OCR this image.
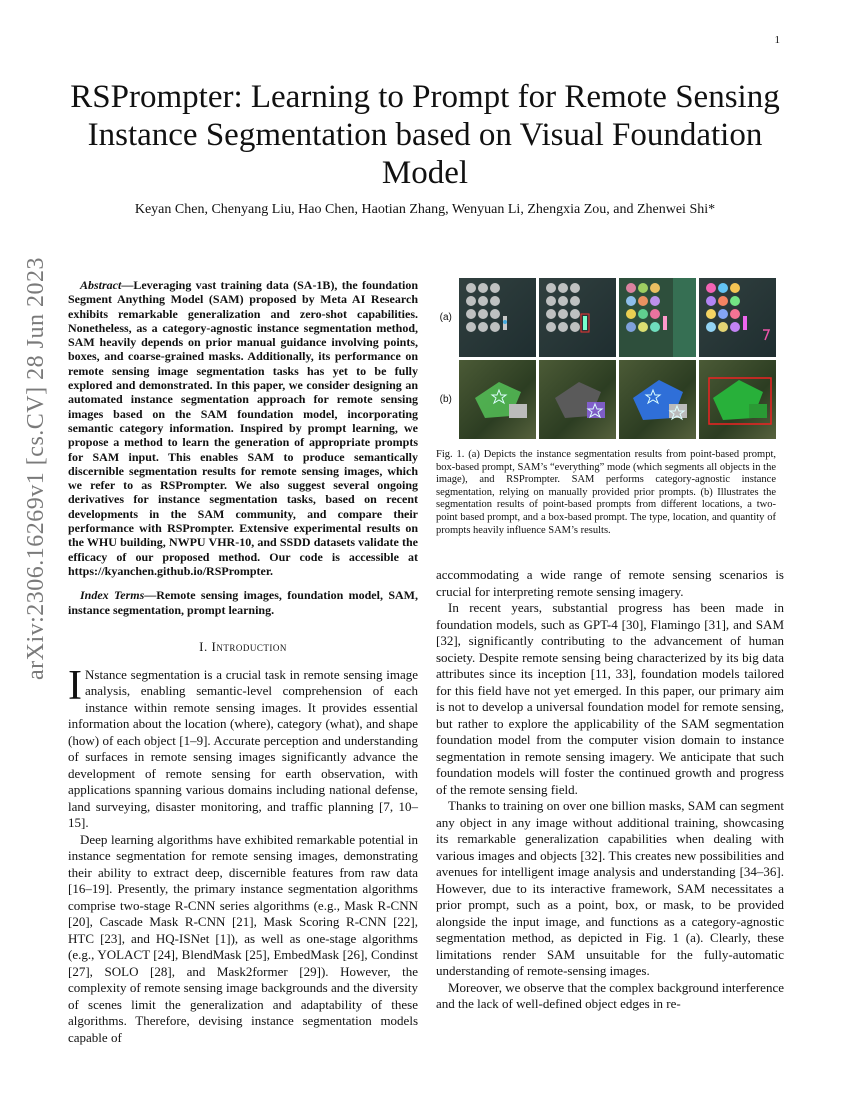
1
arXiv:2306.16269v1 [cs.CV] 28 Jun 2023
RSPrompter: Learning to Prompt for Remote Sensing Instance Segmentation based on Visual Foundation Model
Keyan Chen, Chenyang Liu, Hao Chen, Haotian Zhang, Wenyuan Li, Zhengxia Zou, and Zhenwei Shi*

Abstract—Leveraging vast training data (SA-1B), the foundation Segment Anything Model (SAM) proposed by Meta AI Research exhibits remarkable generalization and zero-shot capabilities. Nonetheless, as a category-agnostic instance segmentation method, SAM heavily depends on prior manual guidance involving points, boxes, and coarse-grained masks. Additionally, its performance on remote sensing image segmentation tasks has yet to be fully explored and demonstrated. In this paper, we consider designing an automated instance segmentation approach for remote sensing images based on the SAM foundation model, incorporating semantic category information. Inspired by prompt learning, we propose a method to learn the generation of appropriate prompts for SAM input. This enables SAM to produce semantically discernible segmentation results for remote sensing images, which we refer to as RSPrompter. We also suggest several ongoing derivatives for instance segmentation tasks, based on recent developments in the SAM community, and compare their performance with RSPrompter. Extensive experimental results on the WHU building, NWPU VHR-10, and SSDD datasets validate the efficacy of our proposed method. Our code is accessible at https://kyanchen.github.io/RSPrompter.

Index Terms—Remote sensing images, foundation model, SAM, instance segmentation, prompt learning.

I. Introduction

I Nstance segmentation is a crucial task in remote sensing image analysis, enabling semantic-level comprehension of each instance within remote sensing images. It provides essential information about the location (where), category (what), and shape (how) of each object [1–9]. Accurate perception and understanding of surfaces in remote sensing images significantly advance the development of remote sensing for earth observation, with applications spanning various domains including national defense, land surveying, disaster monitoring, and traffic planning [7, 10–15].

Deep learning algorithms have exhibited remarkable potential in instance segmentation for remote sensing images, demonstrating their ability to extract deep, discernible features from raw data [16–19]. Presently, the primary instance segmentation algorithms comprise two-stage R-CNN series algorithms (e.g., Mask R-CNN [20], Cascade Mask R-CNN [21], Mask Scoring R-CNN [22], HTC [23], and HQ-ISNet [1]), as well as one-stage algorithms (e.g., YOLACT [24], BlendMask [25], EmbedMask [26], Condinst [27], SOLO [28], and Mask2former [29]). However, the complexity of remote sensing image backgrounds and the diversity of scenes limit the generalization and adaptability of these algorithms. Therefore, devising instance segmentation models capable of

(a)
(b)

Fig. 1. (a) Depicts the instance segmentation results from point-based prompt, box-based prompt, SAM’s “everything” mode (which segments all objects in the image), and RSPrompter. SAM performs category-agnostic instance segmentation, relying on manually provided prior prompts. (b) Illustrates the segmentation results of point-based prompts from different locations, a two-point based prompt, and a box-based prompt. The type, location, and quantity of prompts heavily influence SAM’s results.

accommodating a wide range of remote sensing scenarios is crucial for interpreting remote sensing imagery.

In recent years, substantial progress has been made in foundation models, such as GPT-4 [30], Flamingo [31], and SAM [32], significantly contributing to the advancement of human society. Despite remote sensing being characterized by its big data attributes since its inception [11, 33], foundation models tailored for this field have not yet emerged. In this paper, our primary aim is not to develop a universal foundation model for remote sensing, but rather to explore the applicability of the SAM segmentation foundation model from the computer vision domain to instance segmentation in remote sensing imagery. We anticipate that such foundation models will foster the continued growth and progress of the remote sensing field.

Thanks to training on over one billion masks, SAM can segment any object in any image without additional training, showcasing its remarkable generalization capabilities when dealing with various images and objects [32]. This creates new possibilities and avenues for intelligent image analysis and understanding [34–36]. However, due to its interactive framework, SAM necessitates a prior prompt, such as a point, box, or mask, to be provided alongside the input image, and functions as a category-agnostic segmentation method, as depicted in Fig. 1 (a). Clearly, these limitations render SAM unsuitable for the fully-automatic understanding of remote-sensing images.

Moreover, we observe that the complex background interference and the lack of well-defined object edges in re-
